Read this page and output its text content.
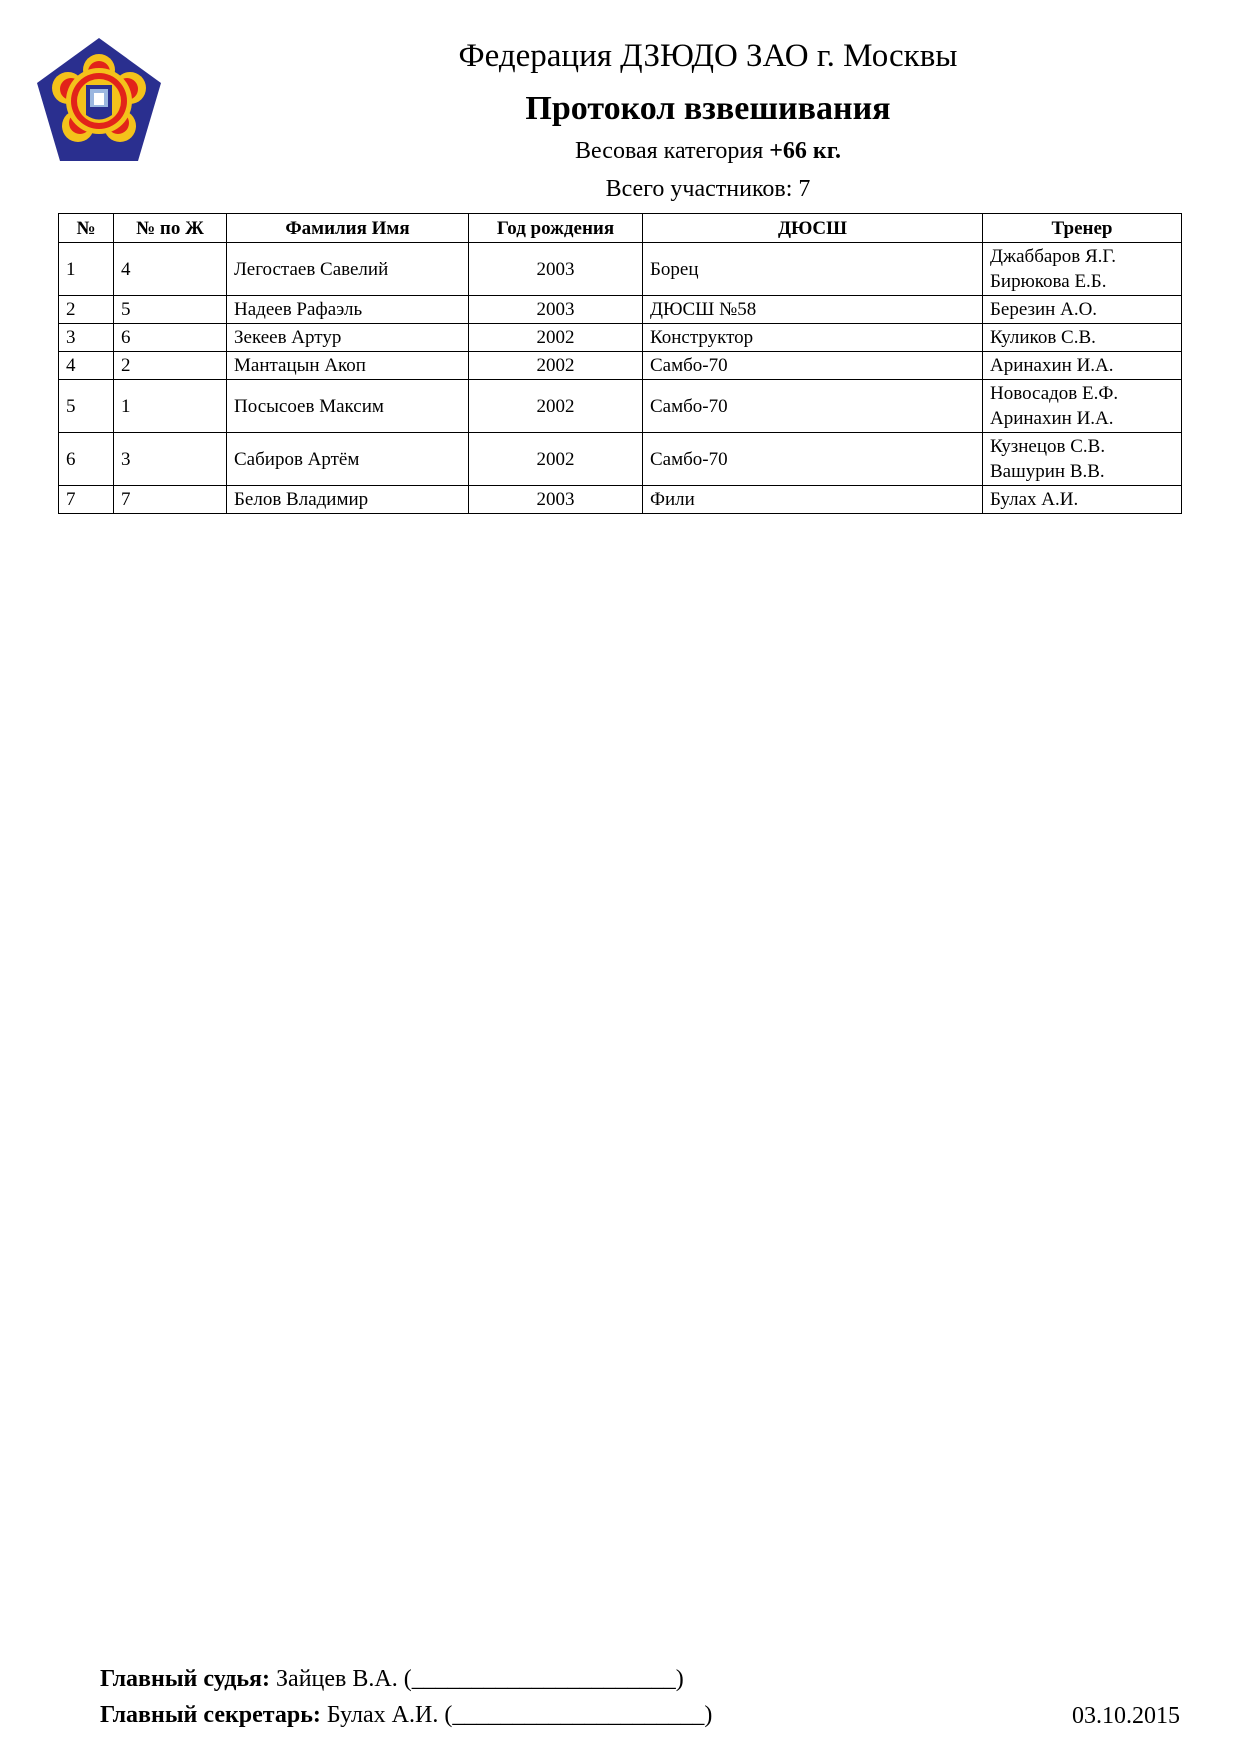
Федерация ДЗЮДО ЗАО г. Москвы
Протокол взвешивания
Весовая категория +66 кг.
Всего участников: 7
№	№ по Ж	Фамилия Имя	Год рождения	ДЮСШ	Тренер
1	4	Легостаев Савелий	2003	Борец	Джаббаров Я.Г.
Бирюкова Е.Б.

2	5	Надеев Рафаэль	2003	ДЮСШ №58	Березин А.О.

3	6	Зекеев Артур	2002	Конструктор	Куликов С.В.

4	2	Мантацын Акоп	2002	Самбо-70	Аринахин И.А.

5	1	Посысоев Максим	2002	Самбо-70	Новосадов Е.Ф.
Аринахин И.А.

6	3	Сабиров Артём	2002	Самбо-70	Кузнецов С.В.
Вашурин В.В.

7	7	Белов Владимир	2003	Фили	Булах А.И.
Главный судья: Зайцев В.А. (______________________)
Главный секретарь: Булах А.И. (_____________________)	03.10.2015
